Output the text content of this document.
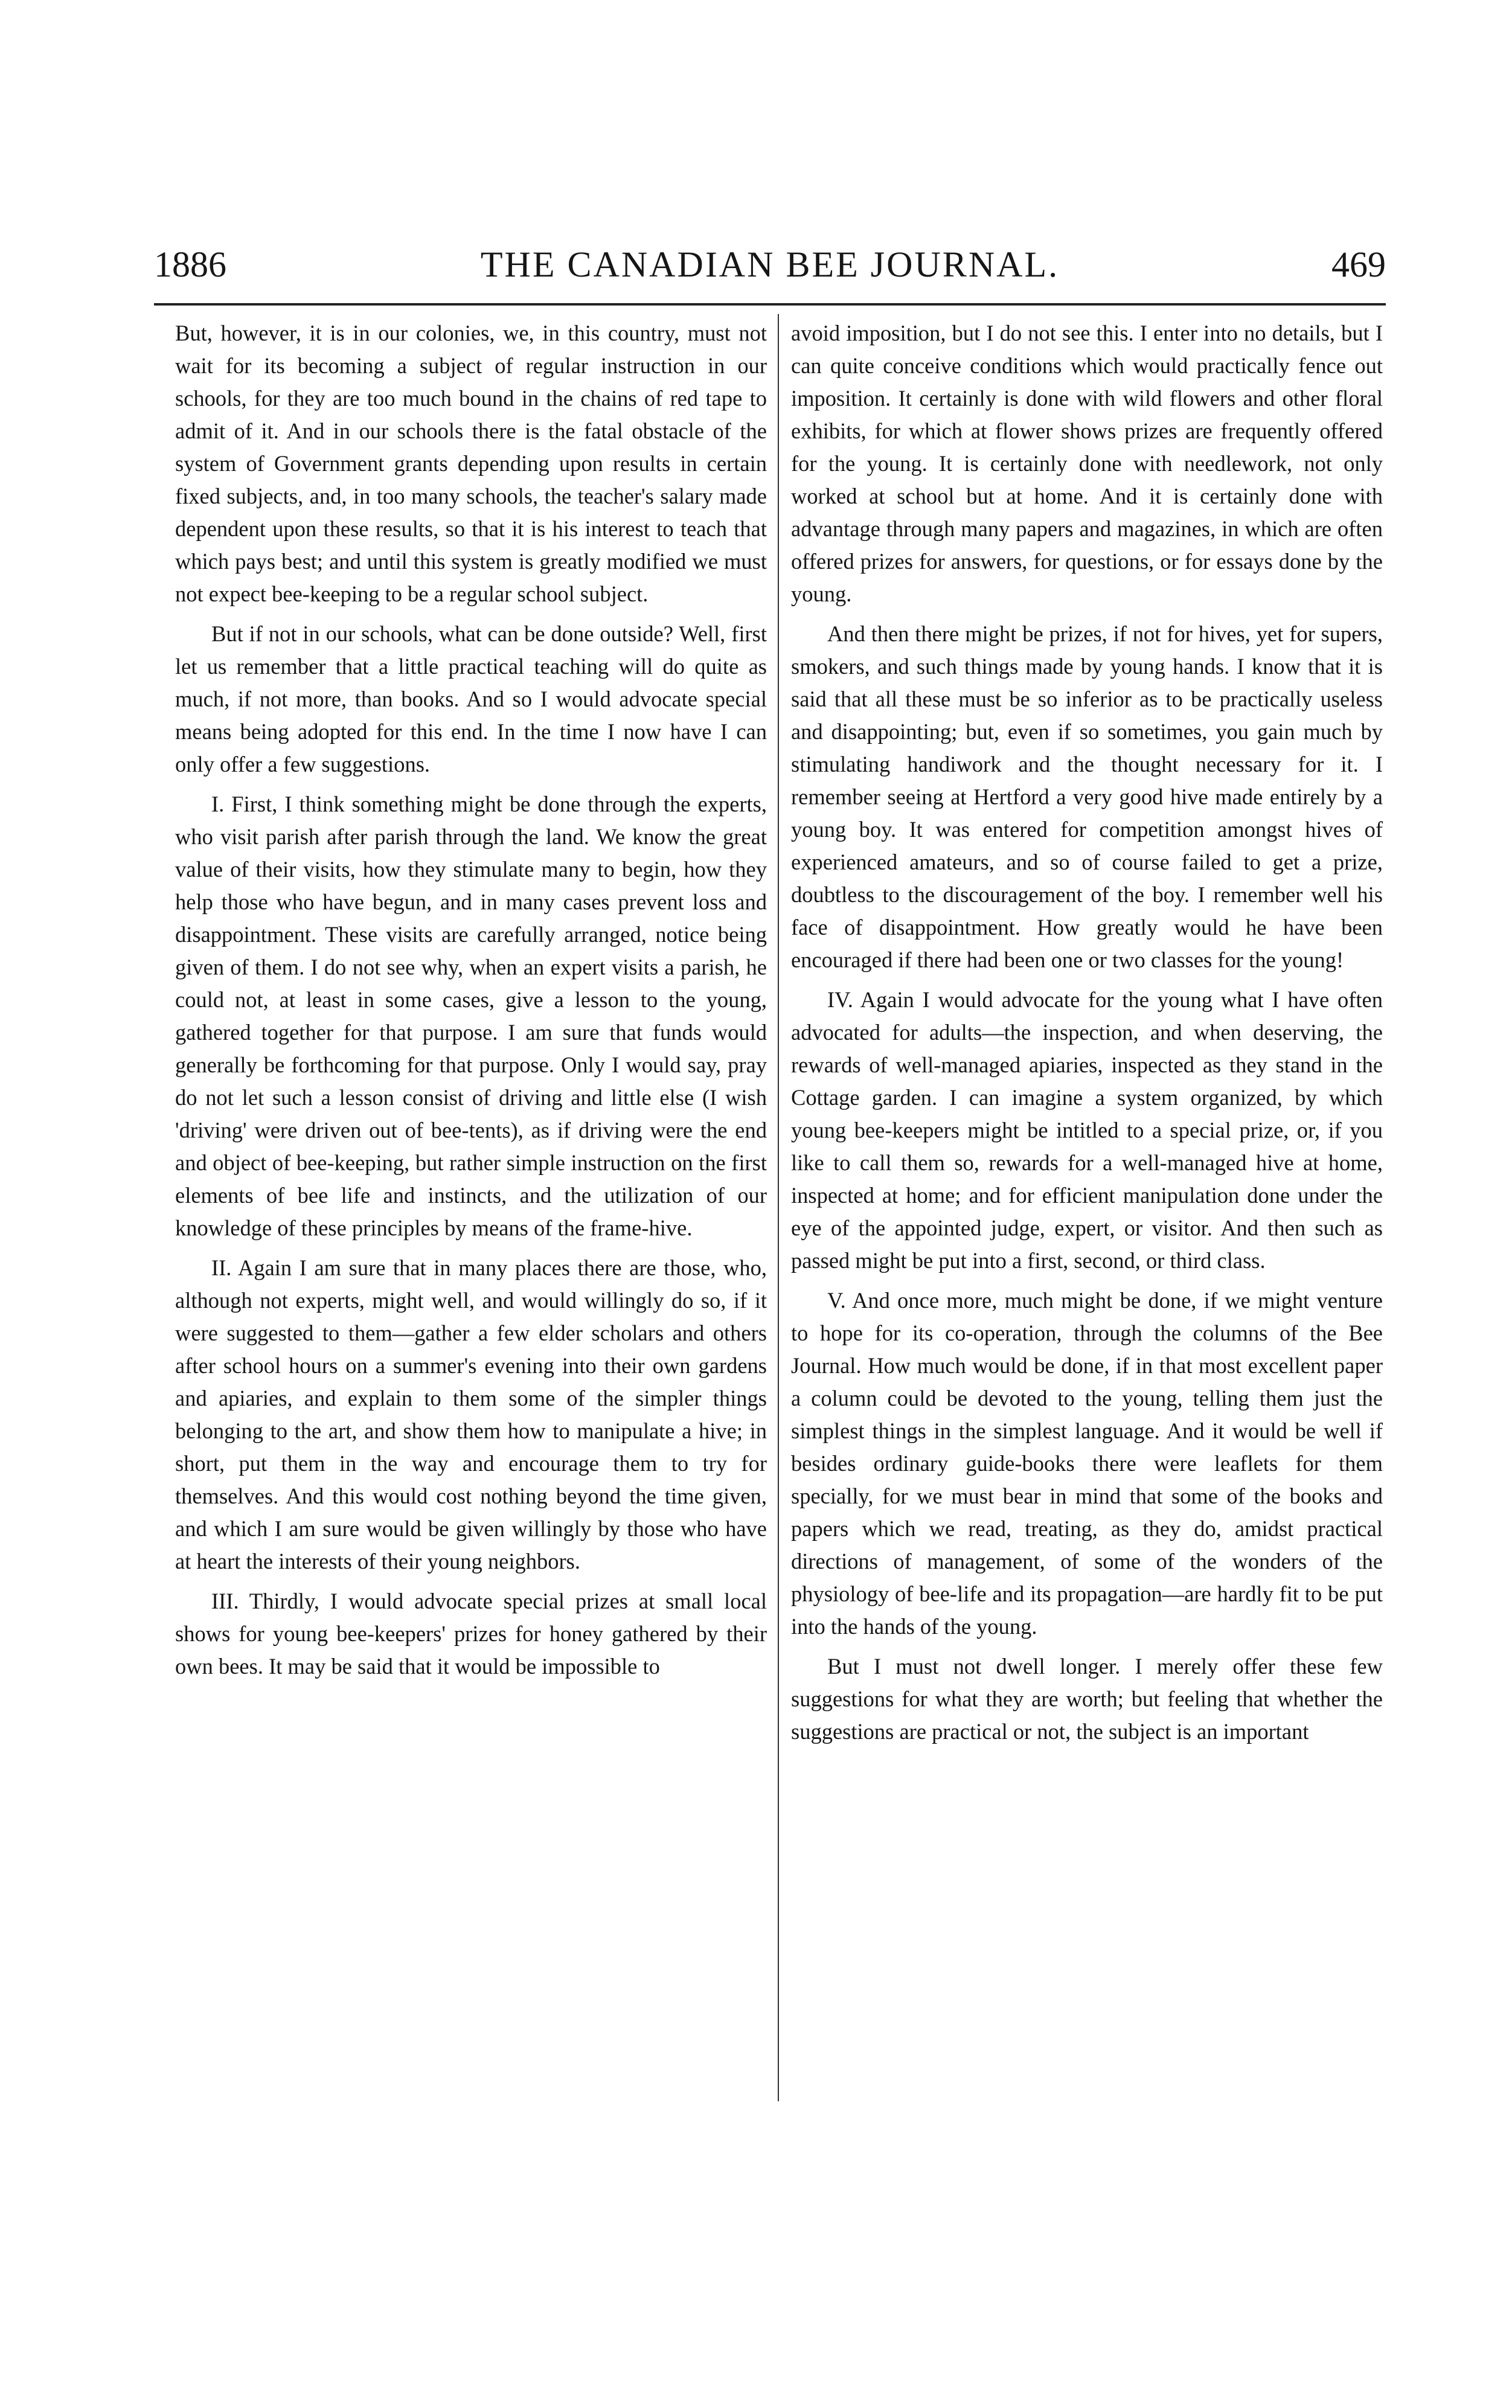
1886	THE CANADIAN BEE JOURNAL.	469

But, however, it is in our colonies, we, in this country, must not wait for its becoming a subject of regular instruction in our schools, for they are too much bound in the chains of red tape to admit of it. And in our schools there is the fatal obstacle of the system of Government grants depending upon results in certain fixed subjects, and, in too many schools, the teacher's salary made dependent upon these results, so that it is his interest to teach that which pays best; and until this system is greatly modified we must not expect bee-keeping to be a regular school subject.

But if not in our schools, what can be done outside? Well, first let us remember that a little practical teaching will do quite as much, if not more, than books. And so I would advocate special means being adopted for this end. In the time I now have I can only offer a few suggestions.

I. First, I think something might be done through the experts, who visit parish after parish through the land. We know the great value of their visits, how they stimulate many to begin, how they help those who have begun, and in many cases prevent loss and disappointment. These visits are carefully arranged, notice being given of them. I do not see why, when an expert visits a parish, he could not, at least in some cases, give a lesson to the young, gathered together for that purpose. I am sure that funds would generally be forthcoming for that purpose. Only I would say, pray do not let such a lesson consist of driving and little else (I wish 'driving' were driven out of bee-tents), as if driving were the end and object of bee-keeping, but rather simple instruction on the first elements of bee life and instincts, and the utilization of our knowledge of these principles by means of the frame-hive.

II. Again I am sure that in many places there are those, who, although not experts, might well, and would willingly do so, if it were suggested to them—gather a few elder scholars and others after school hours on a summer's evening into their own gardens and apiaries, and explain to them some of the simpler things belonging to the art, and show them how to manipulate a hive; in short, put them in the way and encourage them to try for themselves. And this would cost nothing beyond the time given, and which I am sure would be given willingly by those who have at heart the interests of their young neighbors.

III. Thirdly, I would advocate special prizes at small local shows for young bee-keepers' prizes for honey gathered by their own bees. It may be said that it would be impossible to

avoid imposition, but I do not see this. I enter into no details, but I can quite conceive conditions which would practically fence out imposition. It certainly is done with wild flowers and other floral exhibits, for which at flower shows prizes are frequently offered for the young. It is certainly done with needlework, not only worked at school but at home. And it is certainly done with advantage through many papers and magazines, in which are often offered prizes for answers, for questions, or for essays done by the young.

And then there might be prizes, if not for hives, yet for supers, smokers, and such things made by young hands. I know that it is said that all these must be so inferior as to be practically useless and disappointing; but, even if so sometimes, you gain much by stimulating handiwork and the thought necessary for it. I remember seeing at Hertford a very good hive made entirely by a young boy. It was entered for competition amongst hives of experienced amateurs, and so of course failed to get a prize, doubtless to the discouragement of the boy. I remember well his face of disappointment. How greatly would he have been encouraged if there had been one or two classes for the young!

IV. Again I would advocate for the young what I have often advocated for adults—the inspection, and when deserving, the rewards of well-managed apiaries, inspected as they stand in the Cottage garden. I can imagine a system organized, by which young bee-keepers might be intitled to a special prize, or, if you like to call them so, rewards for a well-managed hive at home, inspected at home; and for efficient manipulation done under the eye of the appointed judge, expert, or visitor. And then such as passed might be put into a first, second, or third class.

V. And once more, much might be done, if we might venture to hope for its co-operation, through the columns of the Bee Journal. How much would be done, if in that most excellent paper a column could be devoted to the young, telling them just the simplest things in the simplest language. And it would be well if besides ordinary guide-books there were leaflets for them specially, for we must bear in mind that some of the books and papers which we read, treating, as they do, amidst practical directions of management, of some of the wonders of the physiology of bee-life and its propagation—are hardly fit to be put into the hands of the young.

But I must not dwell longer. I merely offer these few suggestions for what they are worth; but feeling that whether the suggestions are practical or not, the subject is an important
